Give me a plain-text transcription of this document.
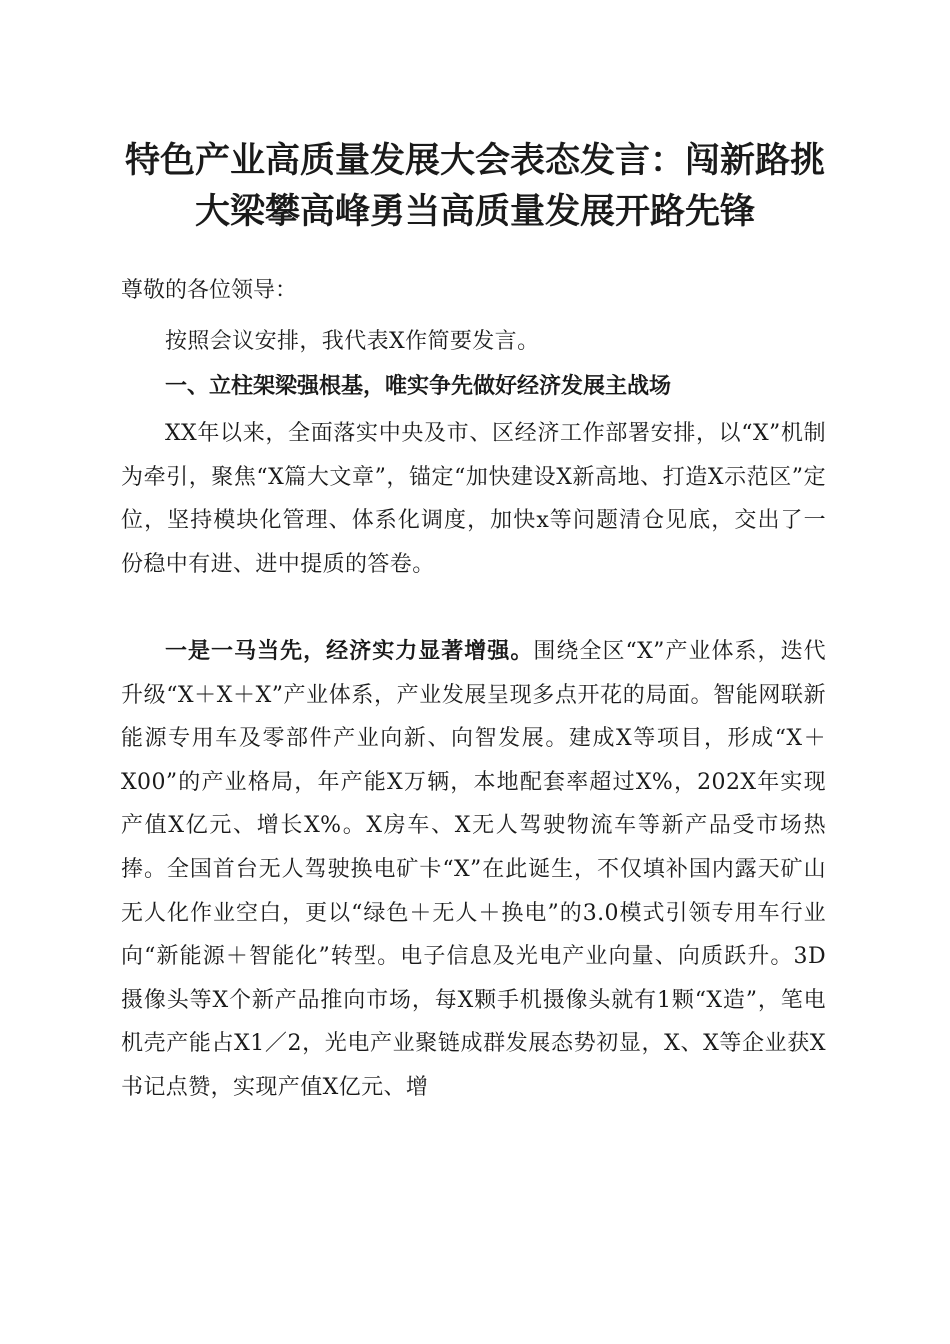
特色产业高质量发展大会表态发言：闯新路挑
大梁攀高峰勇当高质量发展开路先锋

尊敬的各位领导：

按照会议安排，我代表X作简要发言。

一、立柱架梁强根基，唯实争先做好经济发展主战场

XX年以来，全面落实中央及市、区经济工作部署安排，以“X”机制为牵引，聚焦“X篇大文章”，锚定“加快建设X新高地、打造X示范区”定位，坚持模块化管理、体系化调度，加快x等问题清仓见底，交出了一份稳中有进、进中提质的答卷。

一是一马当先，经济实力显著增强。围绕全区“X”产业体系，迭代升级“X＋X＋X”产业体系，产业发展呈现多点开花的局面。智能网联新能源专用车及零部件产业向新、向智发展。建成X等项目，形成“X＋X00”的产业格局，年产能X万辆，本地配套率超过X%，202X年实现产值X亿元、增长X%。X房车、X无人驾驶物流车等新产品受市场热捧。全国首台无人驾驶换电矿卡“X”在此诞生，不仅填补国内露天矿山无人化作业空白，更以“绿色＋无人＋换电”的3.0模式引领专用车行业向“新能源＋智能化”转型。电子信息及光电产业向量、向质跃升。3D摄像头等X个新产品推向市场，每X颗手机摄像头就有1颗“X造”，笔电机壳产能占X1／2，光电产业聚链成群发展态势初显，X、X等企业获X书记点赞，实现产值X亿元、增
